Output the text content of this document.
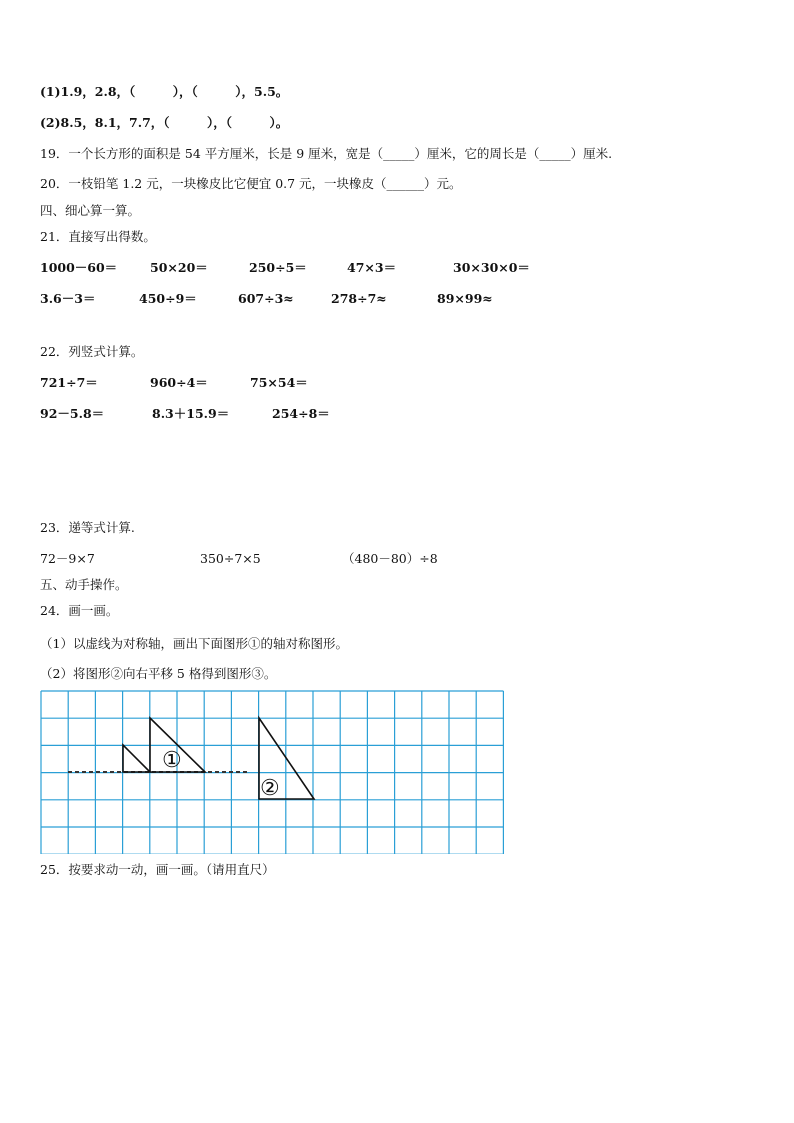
(1)1.9，2.8，（　　　），（　　　），5.5。
(2)8.5，8.1，7.7，（　　　），（　　　）。
19．一个长方形的面积是 54 平方厘米，长是 9 厘米，宽是（_____）厘米，它的周长是（_____）厘米.
20．一枝铅笔 1.2 元，一块橡皮比它便宜 0.7 元，一块橡皮（______）元。
四、细心算一算。
21．直接写出得数。
1000－60＝	50×20＝	250÷5＝	47×3＝	30×30×0＝
3.6－3＝	450÷9＝	607÷3≈	278÷7≈	89×99≈
22．列竖式计算。
721÷7＝	960÷4＝	75×54＝
92－5.8＝	8.3＋15.9＝	254÷8＝
23．递等式计算.
72－9×7	350÷7×5	（480－80）÷8
五、动手操作。
24．画一画。
（1）以虚线为对称轴，画出下面图形①的轴对称图形。
（2）将图形②向右平移 5 格得到图形③。
①
②
25．按要求动一动，画一画。（请用直尺）
